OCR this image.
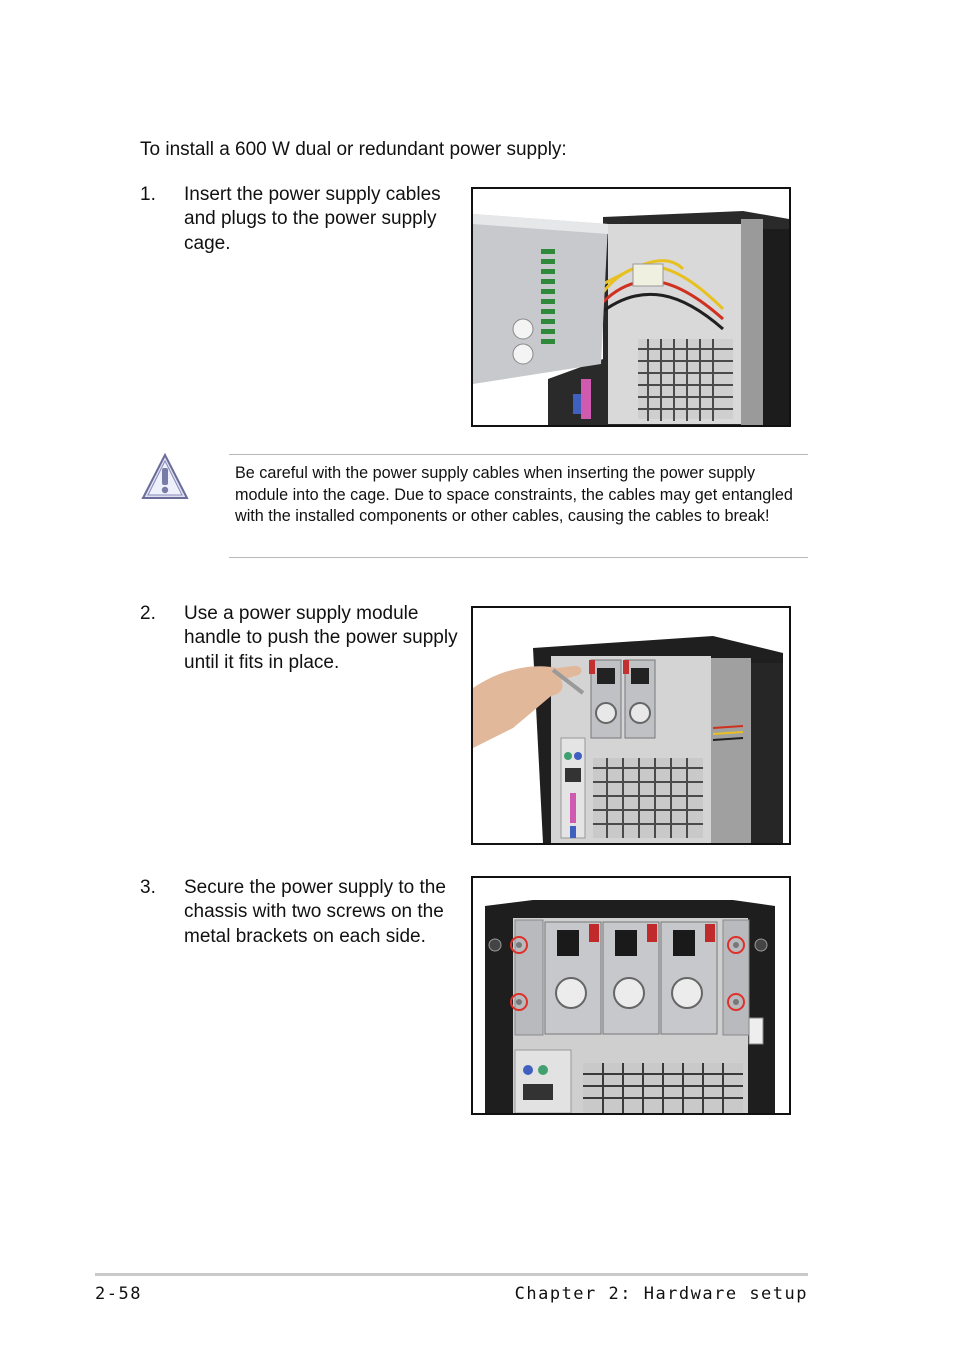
To install a 600 W dual or redundant power supply:
1. Insert the power supply cables and plugs to the power supply cage.
Be careful with the power supply cables when inserting the power supply module into the cage. Due to space constraints, the cables may get entangled with the installed components or other cables, causing the cables to break!
2. Use a power supply module handle to push the power supply until it fits in place.
3. Secure the power supply to the chassis with two screws on the metal brackets on each side.
2-58	Chapter 2: Hardware setup
